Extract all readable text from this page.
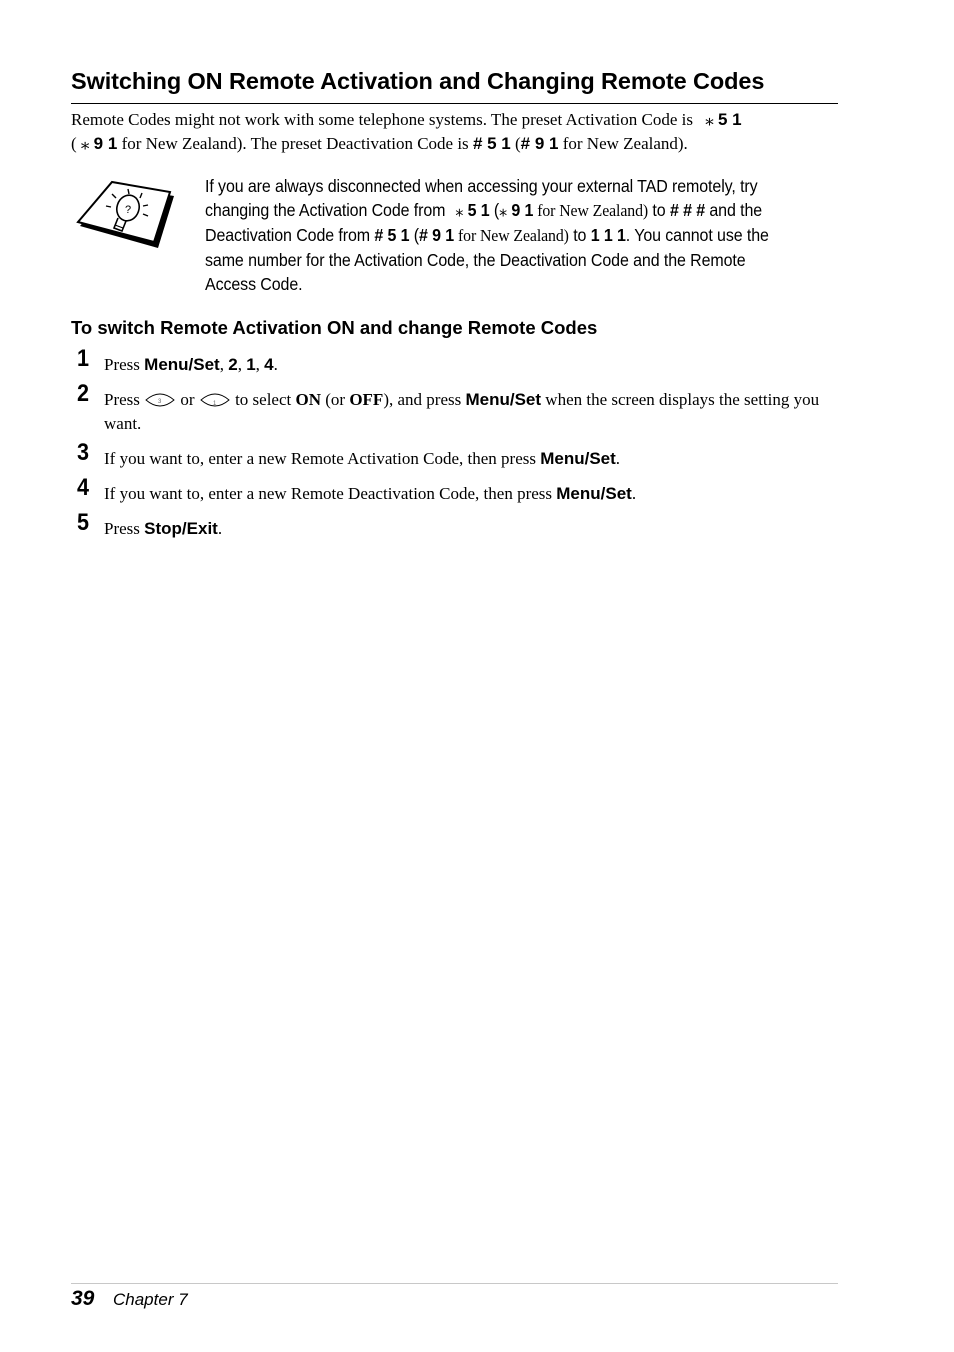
Switching ON Remote Activation and Changing Remote Codes

Remote Codes might not work with some telephone systems. The preset Activation Code is ⁎ 5 1
( ⁎ 9 1 for New Zealand). The preset Deactivation Code is # 5 1 (# 9 1 for New Zealand).

?

If you are always disconnected when accessing your external TAD remotely, try changing the Activation Code from ⁎ 5 1 (⁎ 9 1 for New Zealand) to # # # and the Deactivation Code from # 5 1 (# 9 1 for New Zealand) to 1 1 1. You cannot use the same number for the Activation Code, the Deactivation Code and the Remote Access Code.

To switch Remote Activation ON and change Remote Codes
1 Press Menu/Set, 2, 1, 4.
2 Press 3 or 1 to select ON (or OFF), and press Menu/Set when the screen displays the setting you want.
3 If you want to, enter a new Remote Activation Code, then press Menu/Set.
4 If you want to, enter a new Remote Deactivation Code, then press Menu/Set.
5 Press Stop/Exit.
39 Chapter 7
